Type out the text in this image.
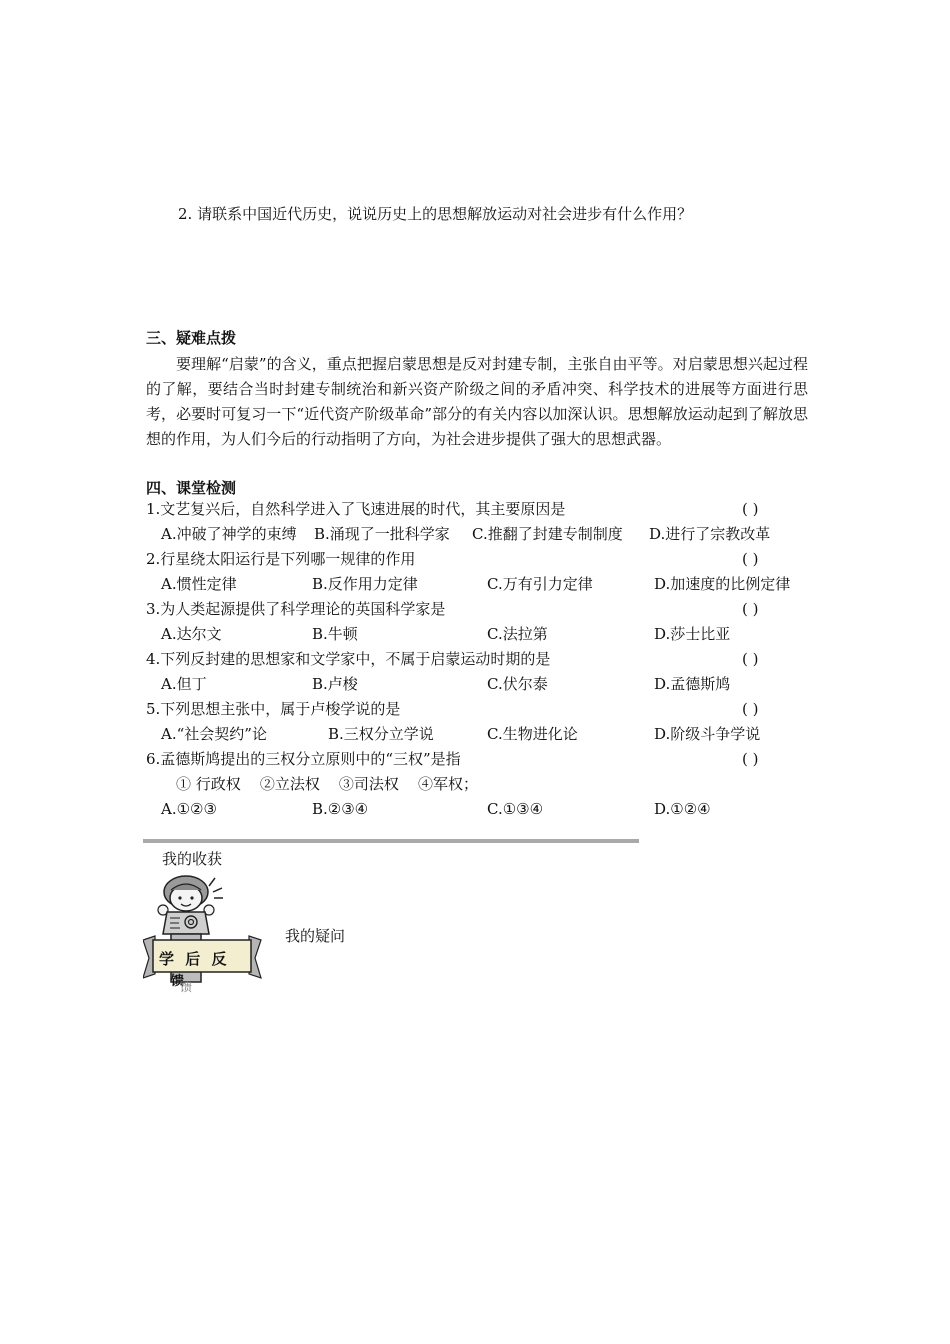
2. 请联系中国近代历史，说说历史上的思想解放运动对社会进步有什么作用？
三、疑难点拨
要理解“启蒙”的含义，重点把握启蒙思想是反对封建专制，主张自由平等。对启蒙思想兴起过程的了解，要结合当时封建专制统治和新兴资产阶级之间的矛盾冲突、科学技术的进展等方面进行思考，必要时可复习一下“近代资产阶级革命”部分的有关内容以加深认识。思想解放运动起到了解放思想的作用，为人们今后的行动指明了方向，为社会进步提供了强大的思想武器。
四、课堂检测
1.文艺复兴后，自然科学进入了飞速进展的时代，其主要原因是	( )
A.冲破了神学的束缚 B.涌现了一批科学家 C.推翻了封建专制制度 D.进行了宗教改革
2.行星绕太阳运行是下列哪一规律的作用	( )
A.惯性定律	B.反作用力定律	C.万有引力定律	D.加速度的比例定律
3.为人类起源提供了科学理论的英国科学家是	( )
A.达尔文	B.牛顿	C.法拉第	D.莎士比亚
4.下列反封建的思想家和文学家中，不属于启蒙运动时期的是	( )
A.但丁	B.卢梭	C.伏尔泰	D.孟德斯鸠
5.下列思想主张中，属于卢梭学说的是	( )
A.“社会契约”论	B.三权分立学说	C.生物进化论	D.阶级斗争学说
6.孟德斯鸠提出的三权分立原则中的“三权”是指	( )
① 行政权    ②立法权    ③司法权    ④军权；
A.①②③	B.②③④	C.①③④	D.①②④
我的收获
我的疑问
学 后 反
馈
馈
